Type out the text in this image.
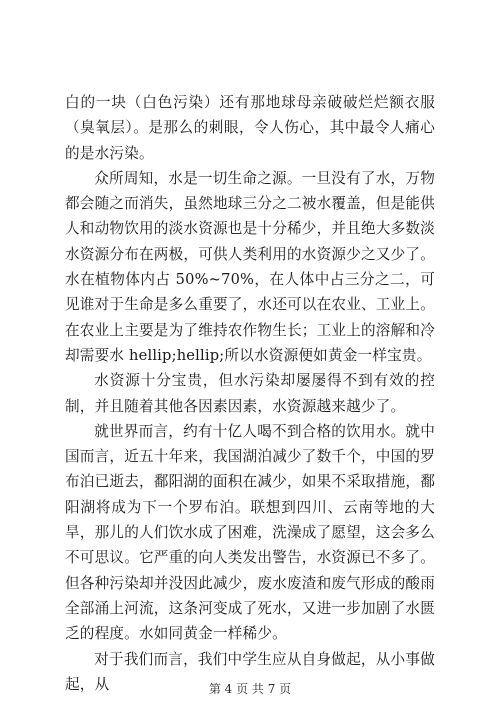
白的一块（白色污染）还有那地球母亲破破烂烂额衣服（臭氧层）。是那么的刺眼，令人伤心，其中最令人痛心的是水污染。

众所周知，水是一切生命之源。一旦没有了水，万物都会随之而消失，虽然地球三分之二被水覆盖，但是能供人和动物饮用的淡水资源也是十分稀少，并且绝大多数淡水资源分布在两极，可供人类利用的水资源少之又少了。水在植物体内占 50%~70%，在人体中占三分之二，可见谁对于生命是多么重要了，水还可以在农业、工业上。在农业上主要是为了维持农作物生长；工业上的溶解和冷却需要水 hellip;hellip;所以水资源便如黄金一样宝贵。

水资源十分宝贵，但水污染却屡屡得不到有效的控制，并且随着其他各因素因素，水资源越来越少了。

就世界而言，约有十亿人喝不到合格的饮用水。就中国而言，近五十年来，我国湖泊减少了数千个，中国的罗布泊已逝去，鄱阳湖的面积在减少，如果不采取措施，鄱阳湖将成为下一个罗布泊。联想到四川、云南等地的大旱，那儿的人们饮水成了困难，洗澡成了愿望，这会多么不可思议。它严重的向人类发出警告，水资源已不多了。但各种污染却并没因此减少，废水废渣和废气形成的酸雨全部涌上河流，这条河变成了死水，又进一步加剧了水匮乏的程度。水如同黄金一样稀少。

对于我们而言，我们中学生应从自身做起，从小事做起，从	第 4 页 共 7 页
